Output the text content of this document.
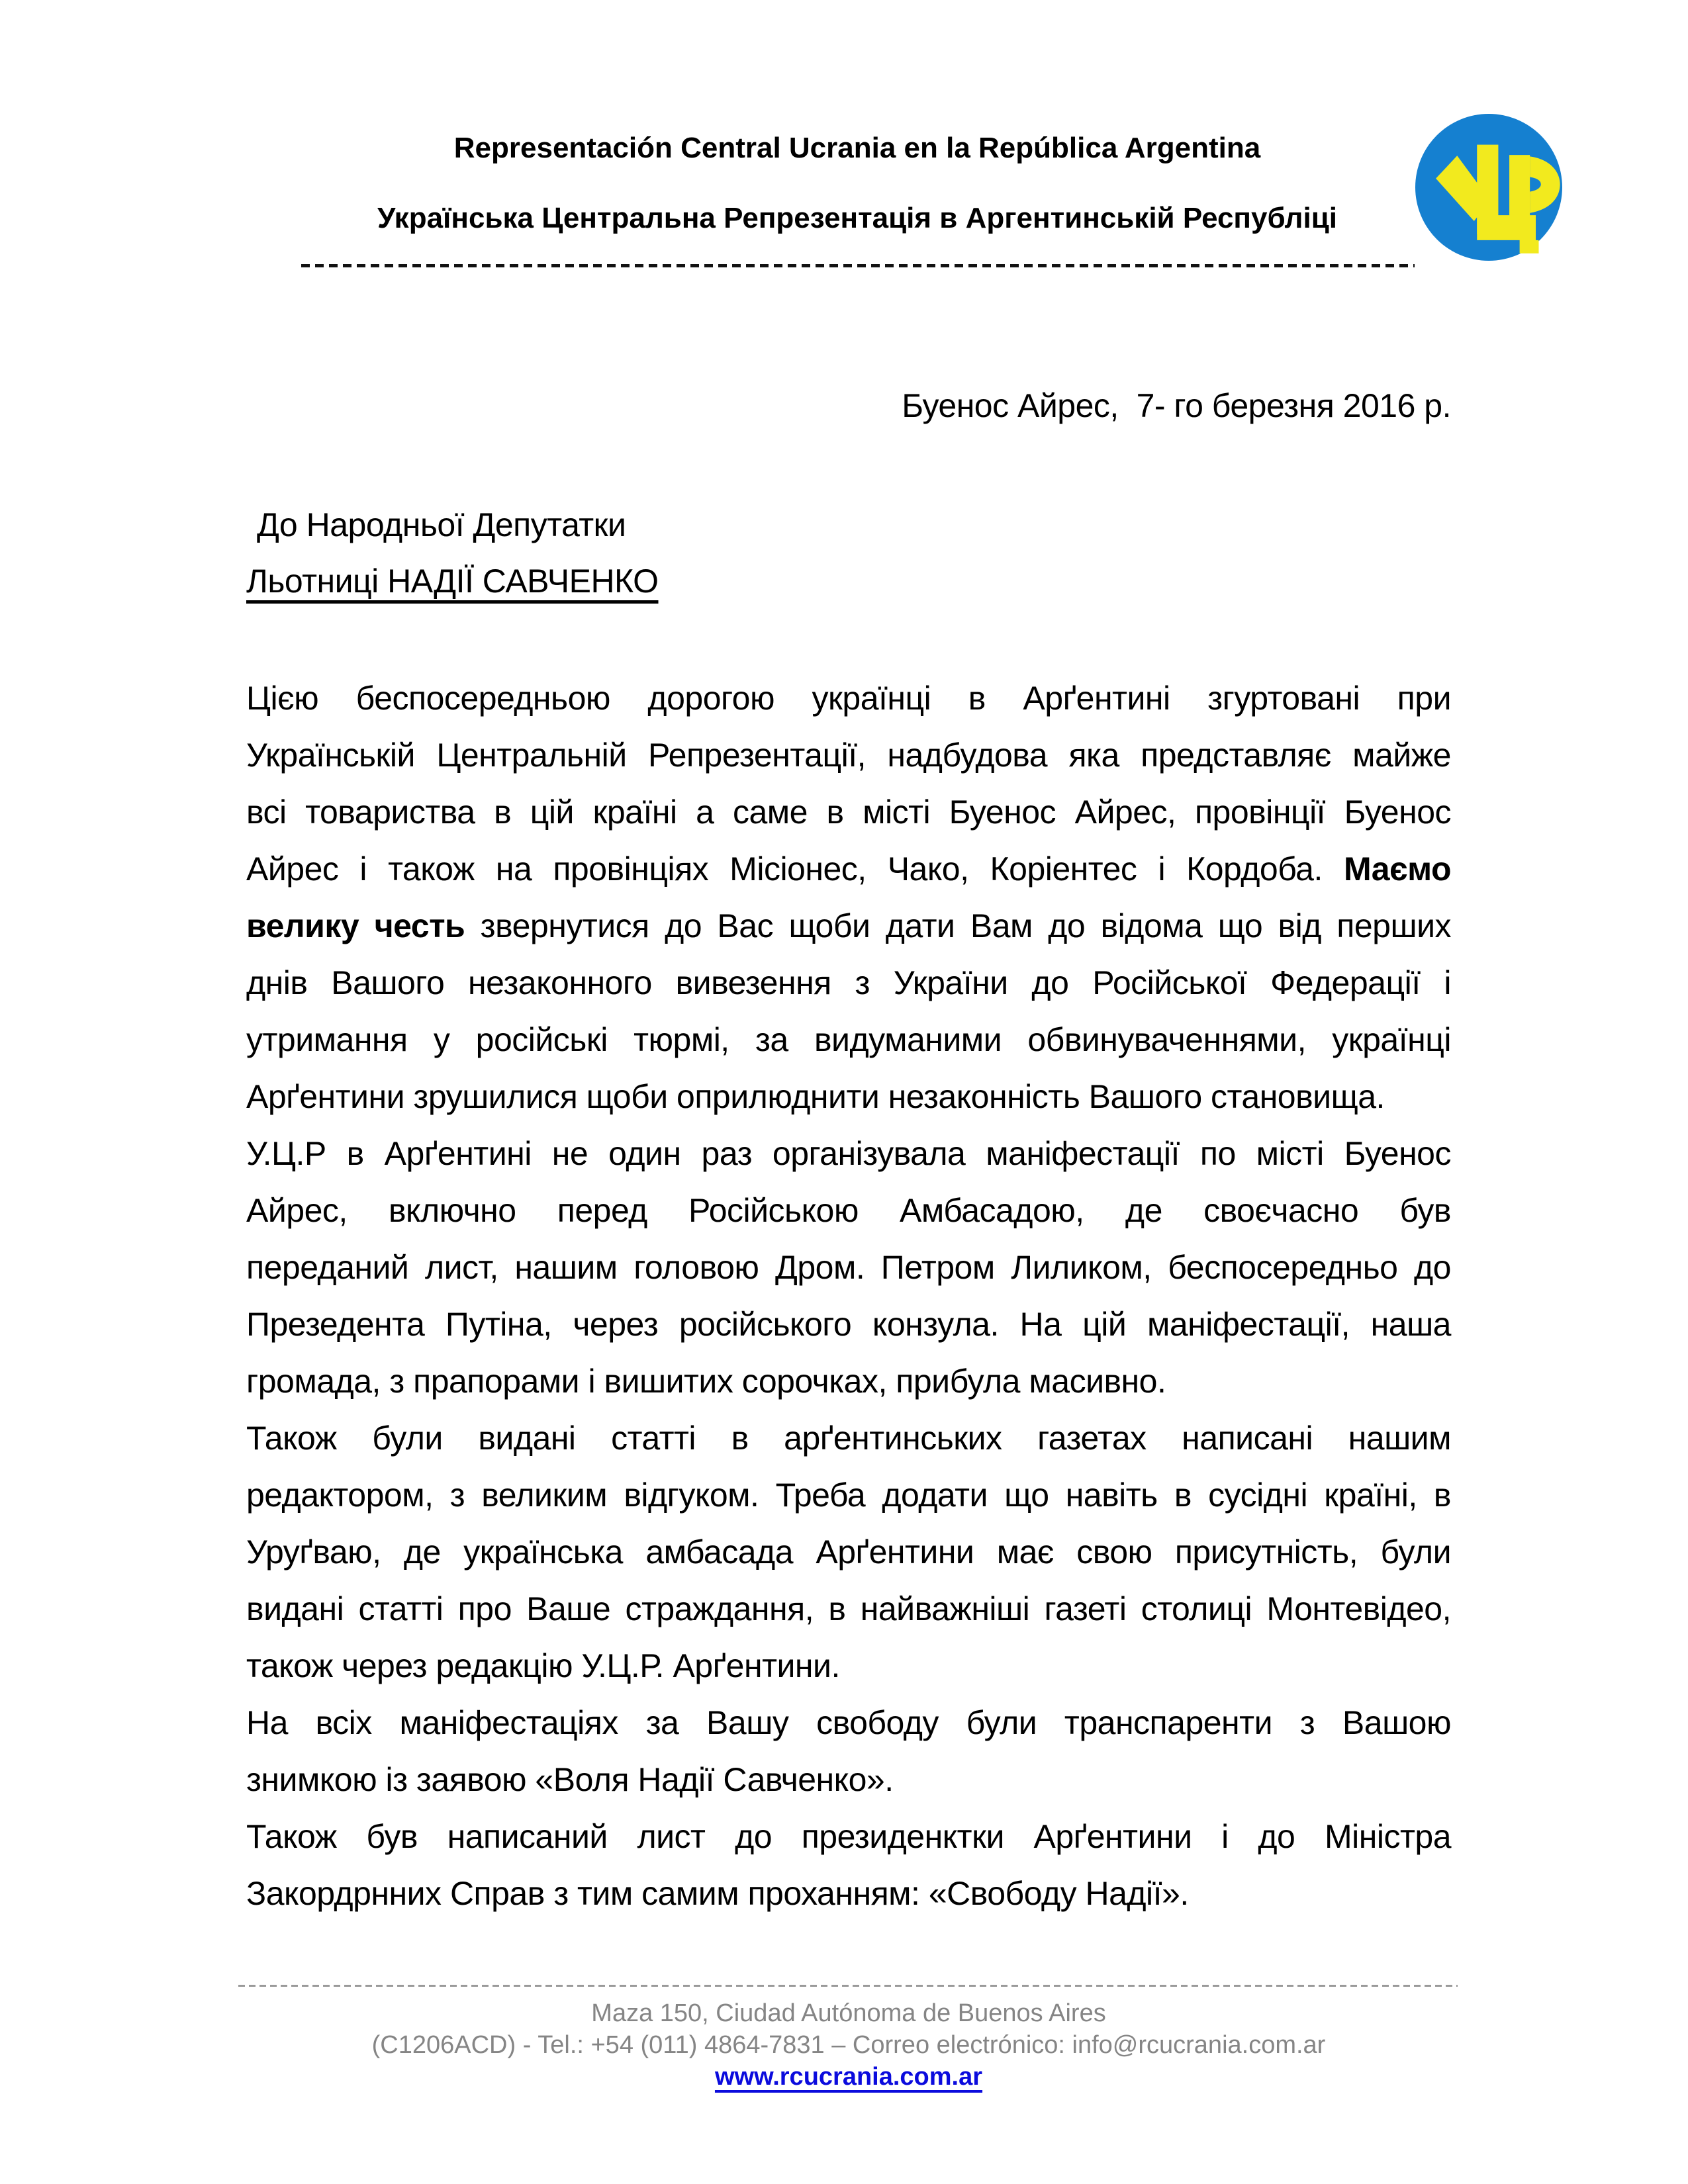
Representación Central Ucrania en la República Argentina
Українська Центральна Репрезентація в Аргентинській Республіці
Буенос Айрес,  7- го березня 2016 р.
До Народньої Депутатки
Льотниці НАДІЇ САВЧЕНКО
Цією беспосередньою дорогою українці в Арґентині згуртовані при
Українській Центральній Репрезентації, надбудова яка представляє майже
всі товариства в цій країні а саме в місті Буенос Айрес, провінції Буенос
Айрес і також на провінціях Місіонес, Чако, Коріентес і Кордоба. Маємо
велику честь звернутися до Вас щоби дати Вам до відома що від перших
днів Вашого незаконного вивезення з України до Російської Федерації і
утримання у російські тюрмі, за видуманими обвинуваченнями, українці
Арґентини зрушилися щоби оприлюднити незаконність Вашого становища.
У.Ц.Р в Арґентині не один раз організувала маніфестації по місті Буенос
Айрес, включно перед Російською Амбасадою, де своєчасно був
переданий лист, нашим головою Дром. Петром Лиликом, беспосередньо до
Презедента Путіна, через російського конзула. На цій маніфестації, наша
громада, з прапорами і вишитих сорочках, прибула масивно.
Також були видані статті в арґентинських газетах написані нашим
редактором, з великим відгуком. Треба додати що навіть в сусідні країні, в
Уруґваю, де українська амбасада Арґентини має свою присутність, були
видані статті про Ваше страждання, в найважніші газеті столиці Монтевідео,
також через редакцію У.Ц.Р. Арґентини.
На всіх маніфестаціях за Вашу свободу були транспаренти з Вашою
знимкою із заявою «Воля Надії Савченко».
Також був написаний лист до президенктки Арґентини і до Міністра
Закордрнних Справ з тим самим проханням: «Свободу Надії».
Maza 150, Ciudad Autónoma de Buenos Aires
(C1206ACD) - Tel.: +54 (011) 4864-7831 – Correo electrónico: info@rcucrania.com.ar
www.rcucrania.com.ar
